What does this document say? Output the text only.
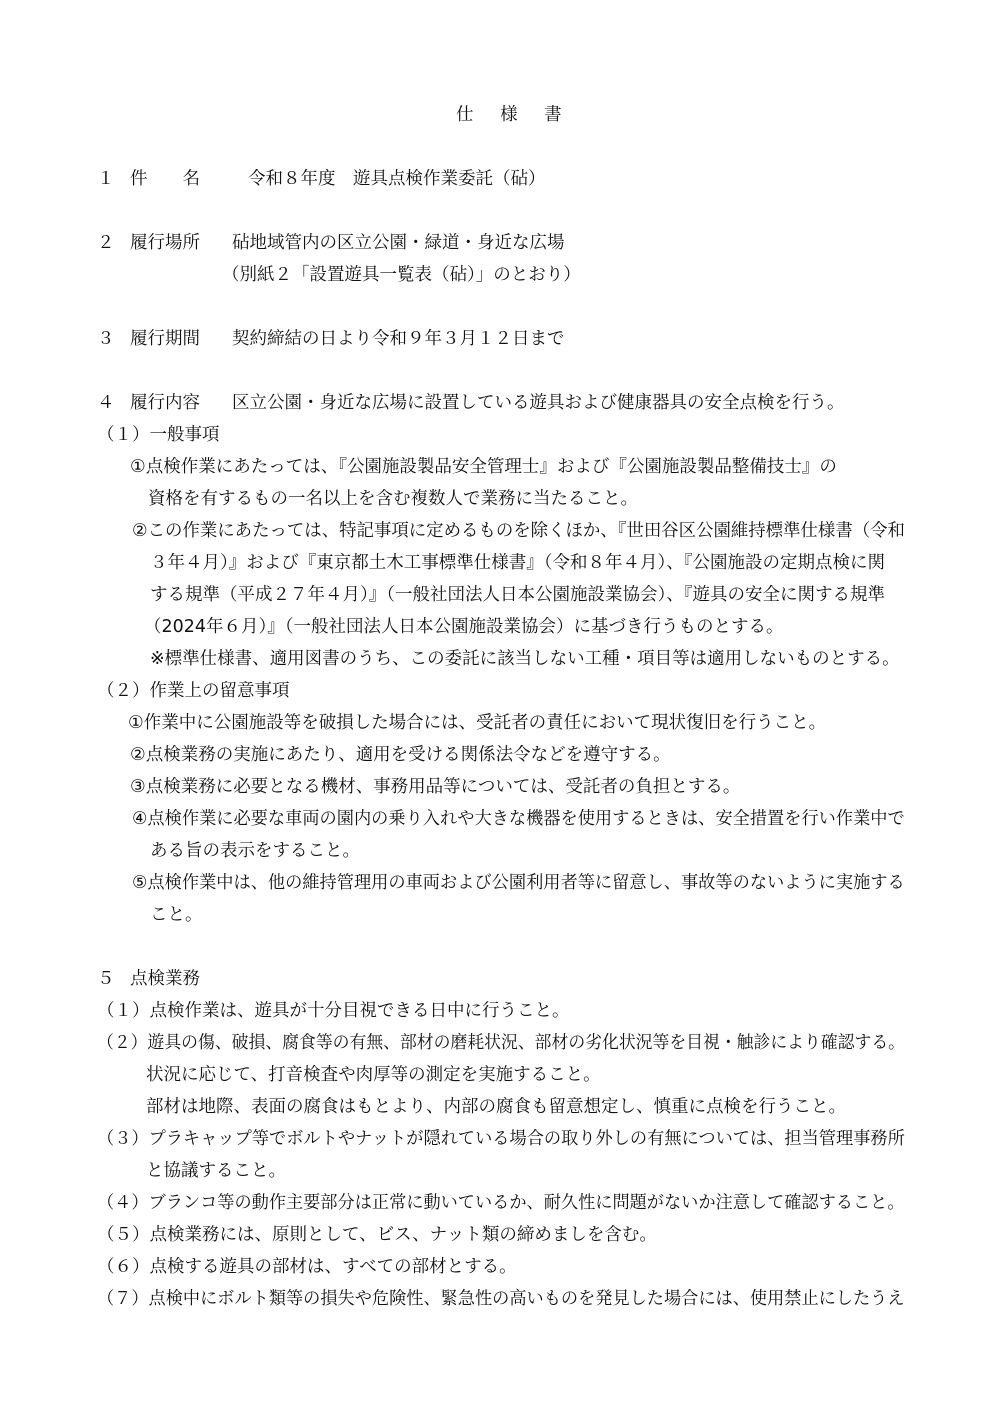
仕 様 書
１ 件　　名	令和８年度　遊具点検作業委託（砧）
２ 履行場所 砧地域管内の区立公園・緑道・身近な広場
（別紙２「設置遊具一覧表（砧）」のとおり）
３ 履行期間 契約締結の日より令和９年３月１２日まで
４ 履行内容 区立公園・身近な広場に設置している遊具および健康器具の安全点検を行う。
（１）一般事項
①点検作業にあたっては、『公園施設製品安全管理士』および『公園施設製品整備技士』の
資格を有するもの一名以上を含む複数人で業務に当たること。
②この作業にあたっては、特記事項に定めるものを除くほか、『世田谷区公園維持標準仕様書（令和
３年４月）』および『東京都土木工事標準仕様書』（令和８年４月）、『公園施設の定期点検に関
する規準（平成２７年４月）』（一般社団法人日本公園施設業協会）、『遊具の安全に関する規準
（2024年６月）』（一般社団法人日本公園施設業協会）に基づき行うものとする。
※標準仕様書、適用図書のうち、この委託に該当しない工種・項目等は適用しないものとする。
（２）作業上の留意事項
①作業中に公園施設等を破損した場合には、受託者の責任において現状復旧を行うこと。
②点検業務の実施にあたり、適用を受ける関係法令などを遵守する。
③点検業務に必要となる機材、事務用品等については、受託者の負担とする。
④点検作業に必要な車両の園内の乗り入れや大きな機器を使用するときは、安全措置を行い作業中で
ある旨の表示をすること。
⑤点検作業中は、他の維持管理用の車両および公園利用者等に留意し、事故等のないように実施する
こと。
５ 点検業務
（１）点検作業は、遊具が十分目視できる日中に行うこと。
（２）遊具の傷、破損、腐食等の有無、部材の磨耗状況、部材の劣化状況等を目視・触診により確認する。
状況に応じて、打音検査や肉厚等の測定を実施すること。
部材は地際、表面の腐食はもとより、内部の腐食も留意想定し、慎重に点検を行うこと。
（３）プラキャップ等でボルトやナットが隠れている場合の取り外しの有無については、担当管理事務所
と協議すること。
（４）ブランコ等の動作主要部分は正常に動いているか、耐久性に問題がないか注意して確認すること。
（５）点検業務には、原則として、ビス、ナット類の締めましを含む。
（６）点検する遊具の部材は、すべての部材とする。
（７）点検中にボルト類等の損失や危険性、緊急性の高いものを発見した場合には、使用禁止にしたうえ
